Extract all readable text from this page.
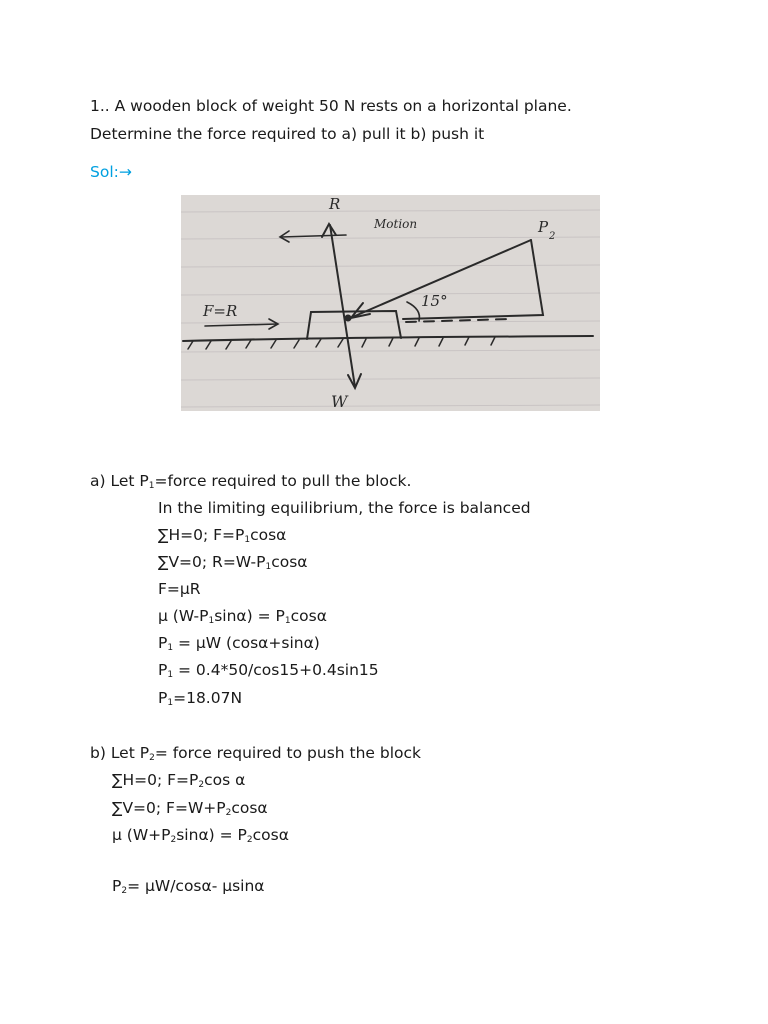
1.. A wooden block of weight 50 N rests on a horizontal plane.
Determine the force required to a) pull it b) push it
Sol:→
R
W
Motion	P
2
F=R
15°
a) Let $P_1=force$ required to pull the block.
In the limiting equilibrium, the force is balanced
∑H=0; $F=P_1\cos\alpha$
∑V=0; $R=W-P_1\cos\alpha$
F=μR
μ $(W-P_1\sin\alpha) = P_1\cos\alpha$
$P_1 = \mu W$ (cosα+sinα)
$P_1 = 0.4*50/\cos 15+0.4\sin 15$
$P_1=18.07N$
b) Let $P_2=$ force required to push the block
∑H=0; $F=P_2\cos$ α
∑V=0; $F=W+P_2\cos\alpha$
μ $(W+P_2\sin\alpha) = P_2\cos\alpha$
$P_2= \mu W/\cos\alpha-$ μsinα
